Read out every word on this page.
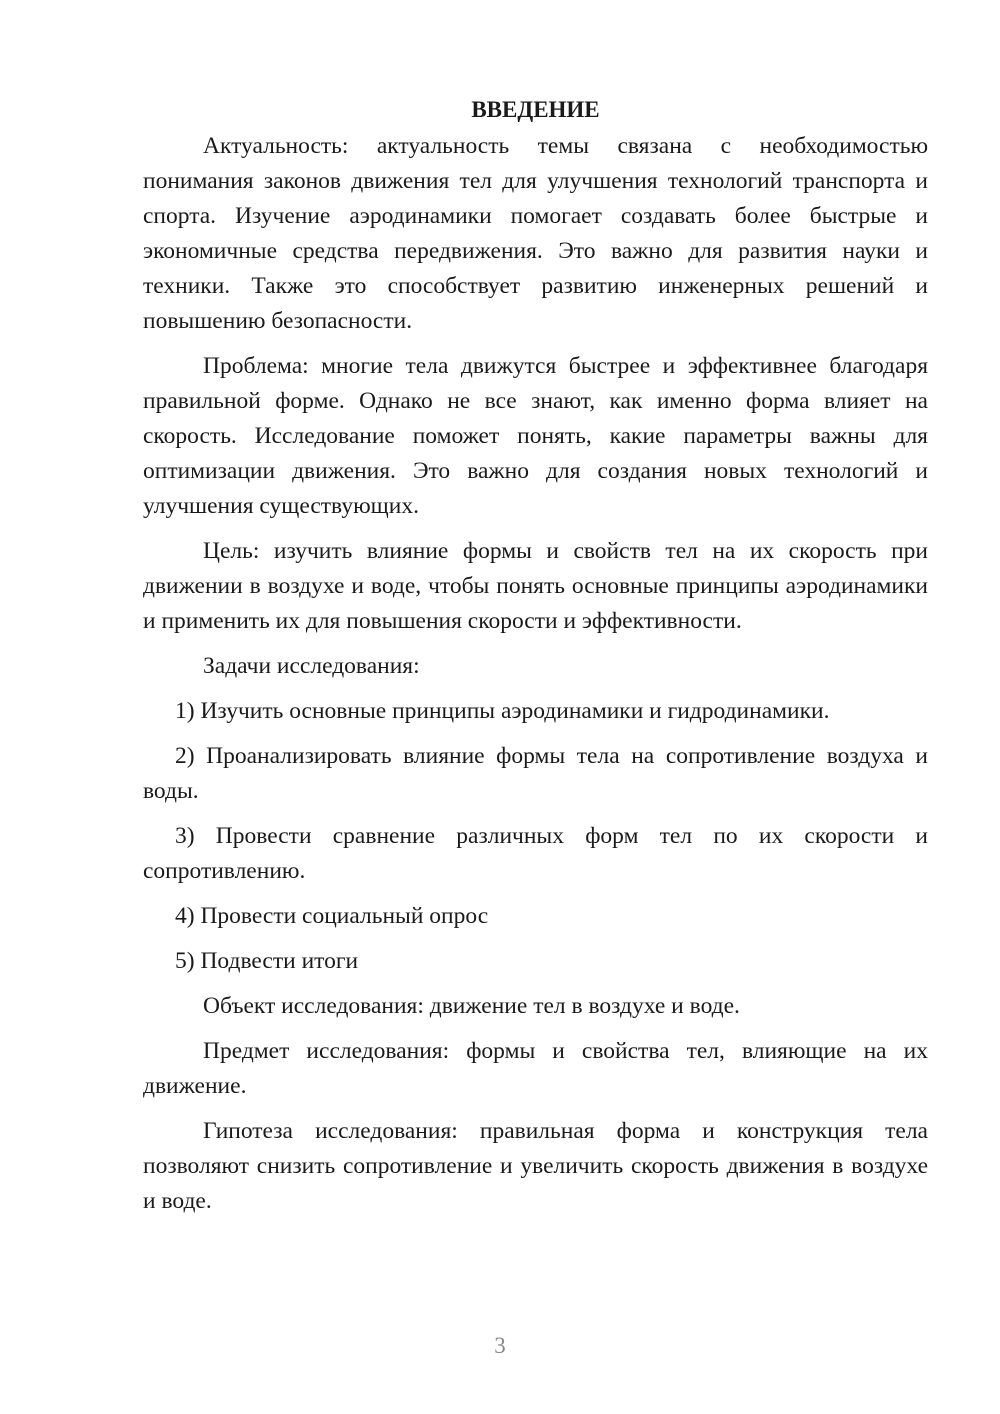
ВВЕДЕНИЕ

Актуальность: актуальность темы связана с необходимостью понимания законов движения тел для улучшения технологий транспорта и спорта. Изучение аэродинамики помогает создавать более быстрые и экономичные средства передвижения. Это важно для развития науки и техники. Также это способствует развитию инженерных решений и повышению безопасности.

Проблема: многие тела движутся быстрее и эффективнее благодаря правильной форме. Однако не все знают, как именно форма влияет на скорость. Исследование поможет понять, какие параметры важны для оптимизации движения. Это важно для создания новых технологий и улучшения существующих.

Цель: изучить влияние формы и свойств тел на их скорость при движении в воздухе и воде, чтобы понять основные принципы аэродинамики и применить их для повышения скорости и эффективности.

Задачи исследования:

1) Изучить основные принципы аэродинамики и гидродинамики.

2) Проанализировать влияние формы тела на сопротивление воздуха и воды.

3) Провести сравнение различных форм тел по их скорости и сопротивлению.

4) Провести социальный опрос

5) Подвести итоги

Объект исследования: движение тел в воздухе и воде.

Предмет исследования: формы и свойства тел, влияющие на их движение.

Гипотеза исследования: правильная форма и конструкция тела позволяют снизить сопротивление и увеличить скорость движения в воздухе и воде.

3
